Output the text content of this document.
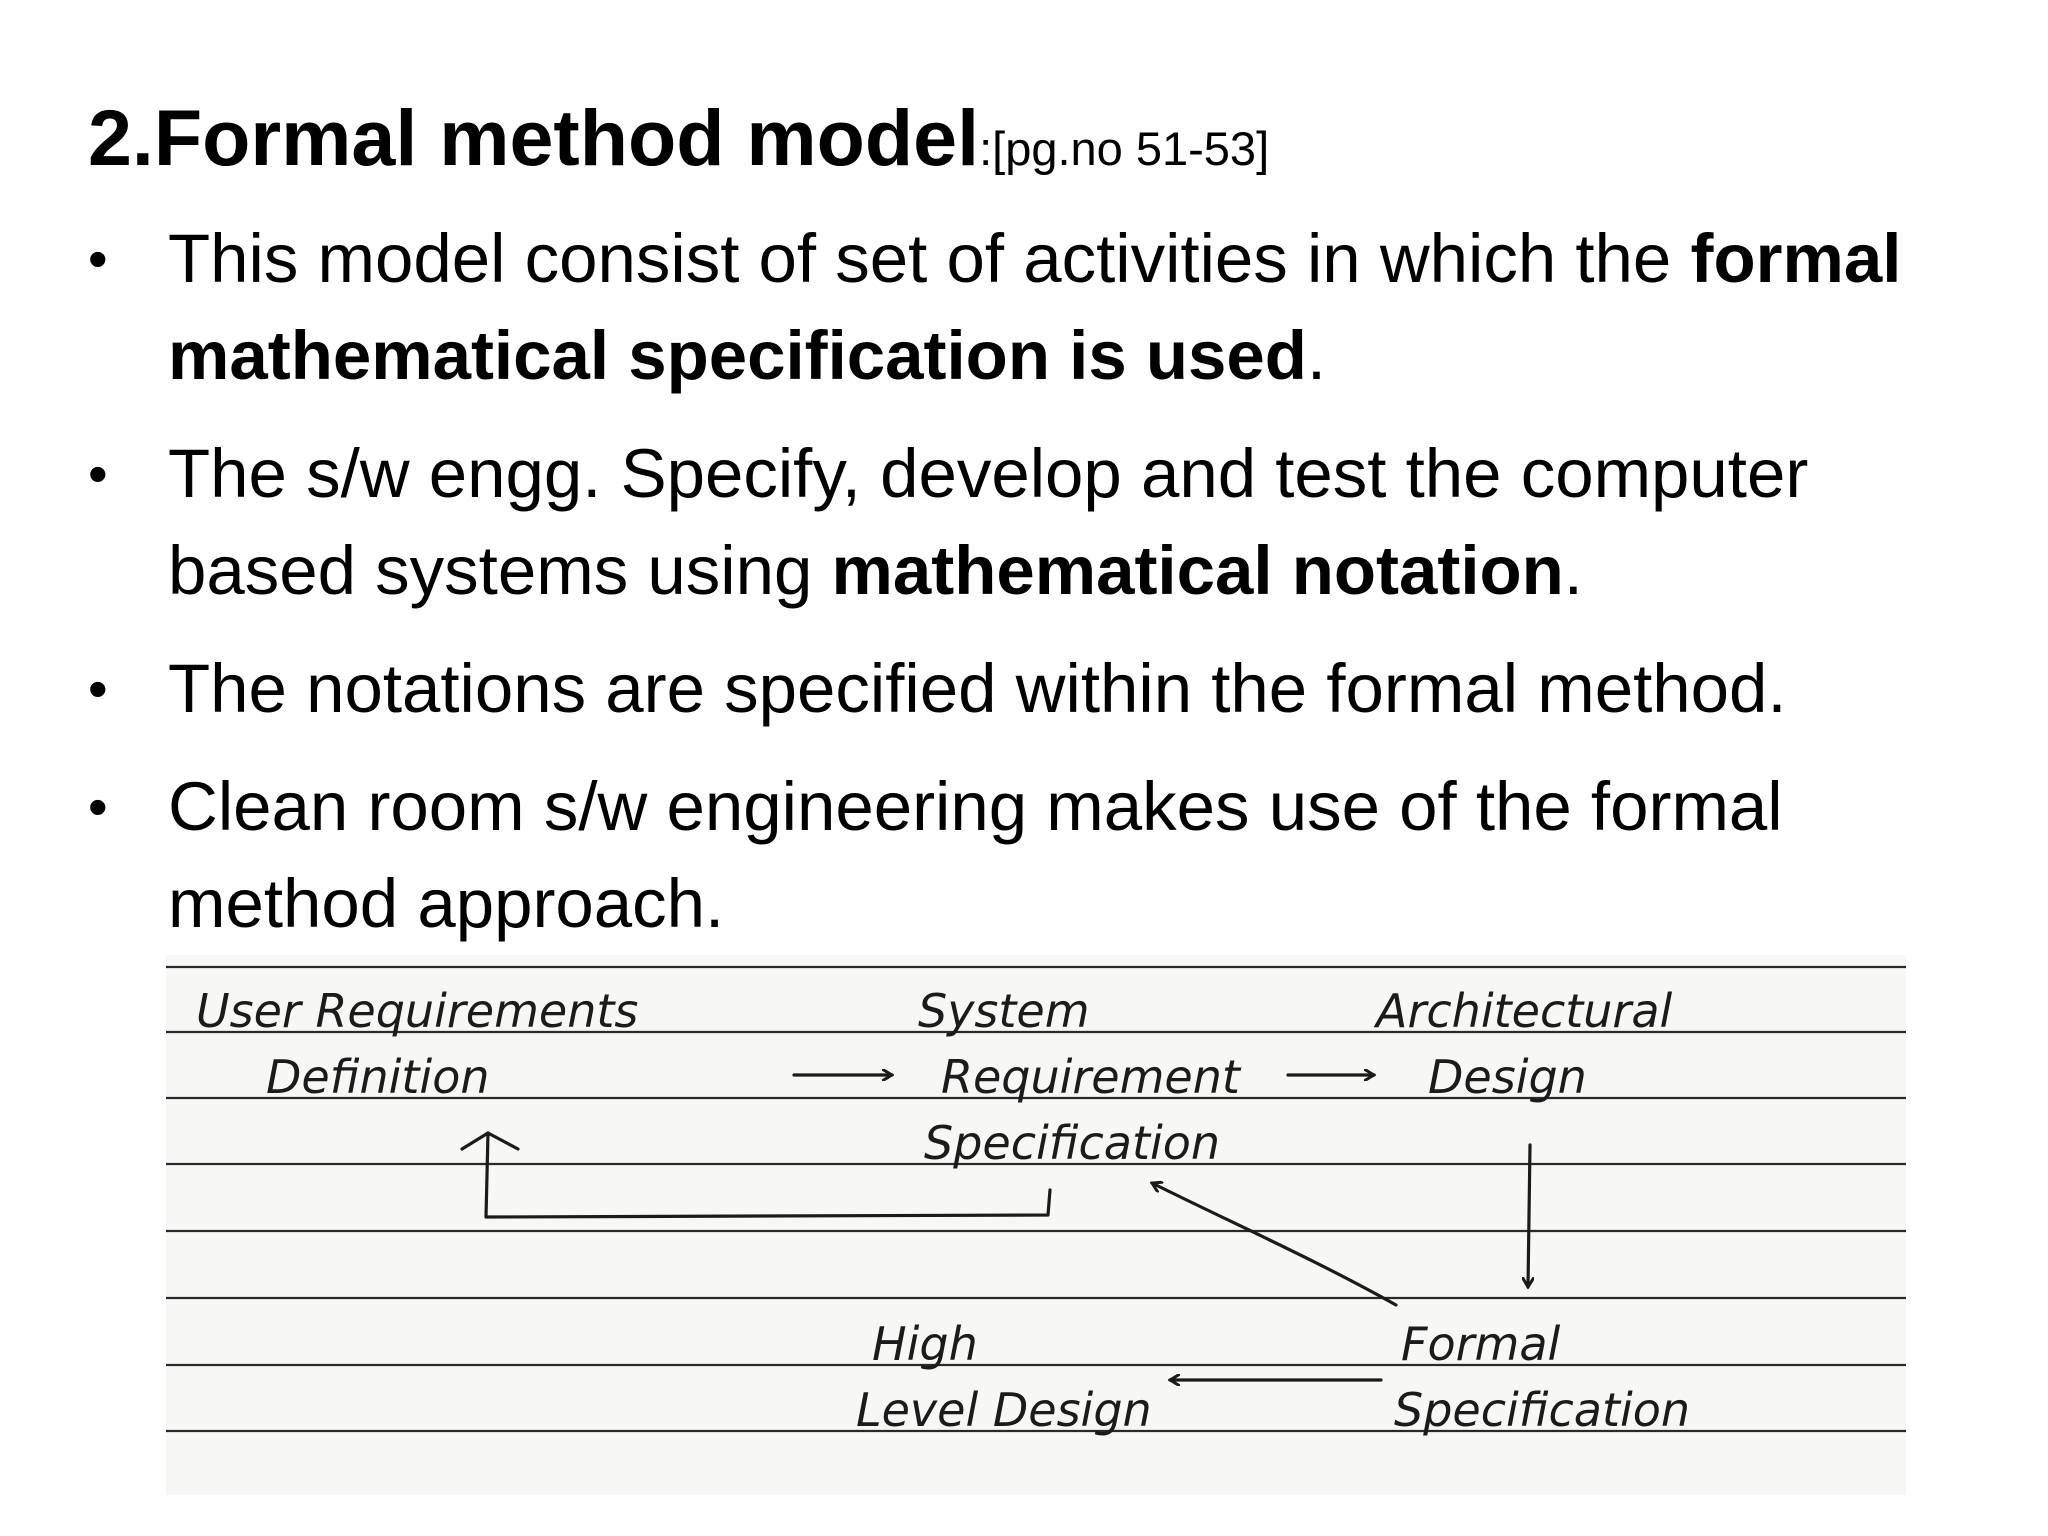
2.Formal method model:[pg.no 51-53]
• This model consist of set of activities in which the formal mathematical specification is used.
• The s/w engg. Specify, develop and test the computer based systems using mathematical notation.
• The notations are specified within the formal method.
• Clean room s/w engineering makes use of the formal method approach.
User Requirements
Definition
System
Requirement
Specification
Architectural
Design
Formal
Specification
High
Level Design
